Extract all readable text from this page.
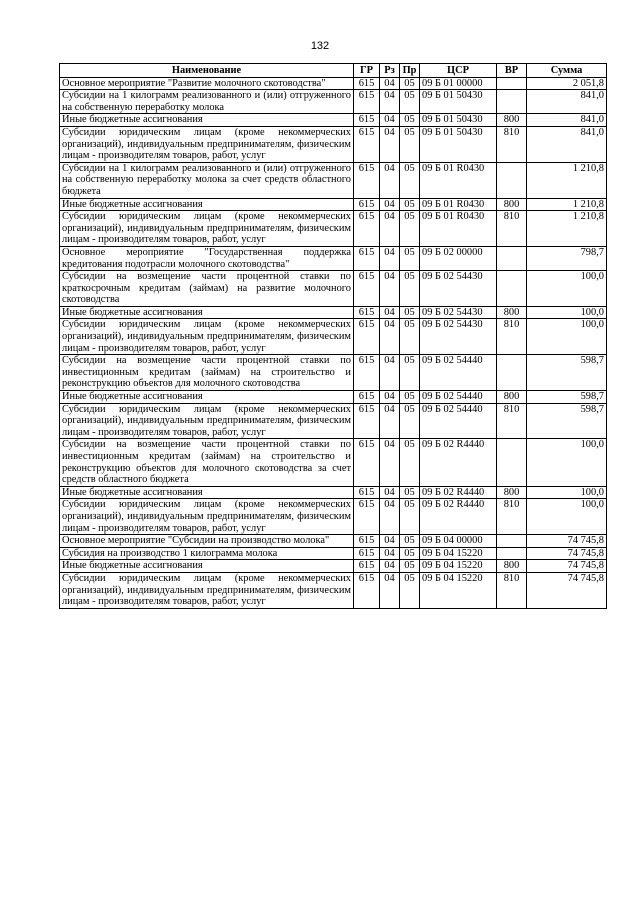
132
Наименование	ГР	Рз	Пр	ЦСР	ВР	Сумма
Основное мероприятие "Развитие молочного скотоводства"	615	04	05	09 Б 01 00000		2 051,8
Субсидии на 1 килограмм реализованного и (или) отгруженного на собственную переработку молока	615	04	05	09 Б 01 50430		841,0
Иные бюджетные ассигнования	615	04	05	09 Б 01 50430	800	841,0
Субсидии юридическим лицам (кроме некоммерческих организаций), индивидуальным предпринимателям, физическим лицам - производителям товаров, работ, услуг	615	04	05	09 Б 01 50430	810	841,0
Субсидии на 1 килограмм реализованного и (или) отгруженного на собственную переработку молока за счет средств областного бюджета	615	04	05	09 Б 01 R0430		1 210,8
Иные бюджетные ассигнования	615	04	05	09 Б 01 R0430	800	1 210,8
Субсидии юридическим лицам (кроме некоммерческих организаций), индивидуальным предпринимателям, физическим лицам - производителям товаров, работ, услуг	615	04	05	09 Б 01 R0430	810	1 210,8
Основное мероприятие "Государственная поддержка кредитования подотрасли молочного скотоводства"	615	04	05	09 Б 02 00000		798,7
Субсидии на возмещение части процентной ставки по краткосрочным кредитам (займам) на развитие молочного скотоводства	615	04	05	09 Б 02 54430		100,0
Иные бюджетные ассигнования	615	04	05	09 Б 02 54430	800	100,0
Субсидии юридическим лицам (кроме некоммерческих организаций), индивидуальным предпринимателям, физическим лицам - производителям товаров, работ, услуг	615	04	05	09 Б 02 54430	810	100,0
Субсидии на возмещение части процентной ставки по инвестиционным кредитам (займам) на строительство и реконструкцию объектов для молочного скотоводства	615	04	05	09 Б 02 54440		598,7
Иные бюджетные ассигнования	615	04	05	09 Б 02 54440	800	598,7
Субсидии юридическим лицам (кроме некоммерческих организаций), индивидуальным предпринимателям, физическим лицам - производителям товаров, работ, услуг	615	04	05	09 Б 02 54440	810	598,7
Субсидии на возмещение части процентной ставки по инвестиционным кредитам (займам) на строительство и реконструкцию объектов для молочного скотоводства за счет средств областного бюджета	615	04	05	09 Б 02 R4440		100,0
Иные бюджетные ассигнования	615	04	05	09 Б 02 R4440	800	100,0
Субсидии юридическим лицам (кроме некоммерческих организаций), индивидуальным предпринимателям, физическим лицам - производителям товаров, работ, услуг	615	04	05	09 Б 02 R4440	810	100,0
Основное мероприятие "Субсидии на производство молока"	615	04	05	09 Б 04 00000		74 745,8
Субсидия на производство 1 килограмма молока	615	04	05	09 Б 04 15220		74 745,8
Иные бюджетные ассигнования	615	04	05	09 Б 04 15220	800	74 745,8
Субсидии юридическим лицам (кроме некоммерческих организаций), индивидуальным предпринимателям, физическим лицам - производителям товаров, работ, услуг	615	04	05	09 Б 04 15220	810	74 745,8
